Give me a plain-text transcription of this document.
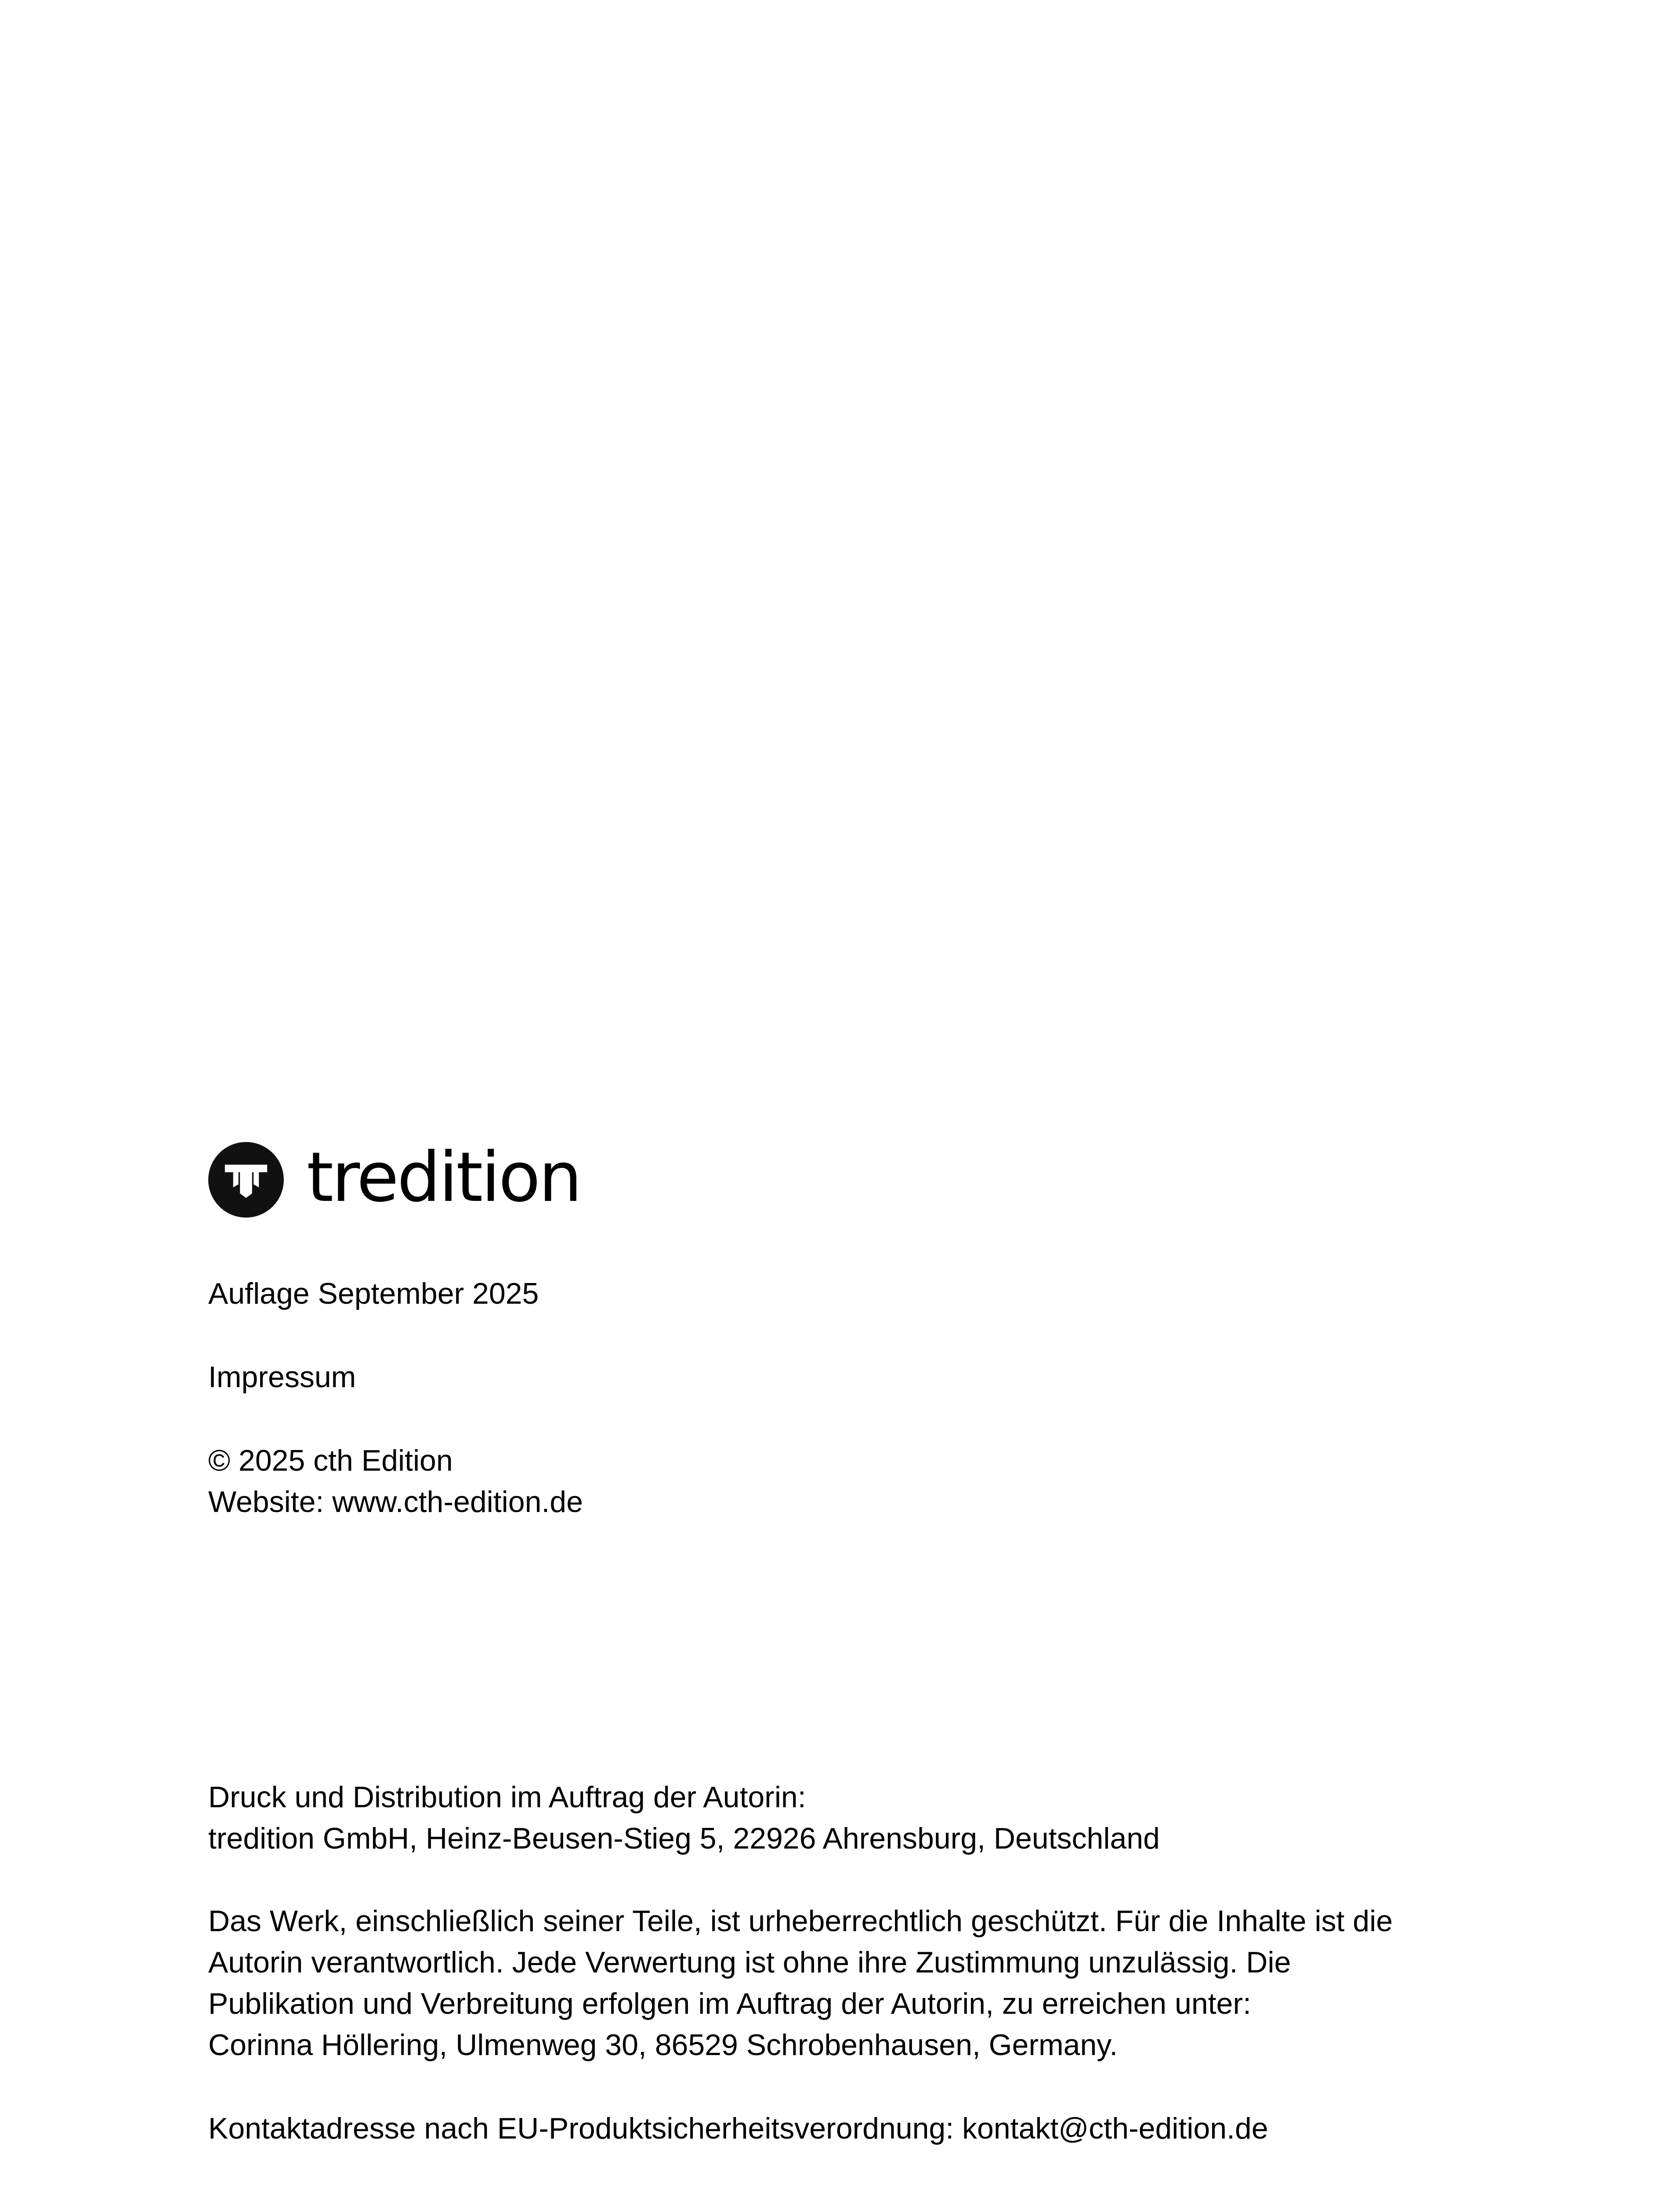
tredition
Auflage September 2025
Impressum
© 2025 cth Edition
Website: www.cth-edition.de
Druck und Distribution im Auftrag der Autorin:
tredition GmbH, Heinz-Beusen-Stieg 5, 22926 Ahrensburg, Deutschland
Das Werk, einschließlich seiner Teile, ist urheberrechtlich geschützt. Für die Inhalte ist die
Autorin verantwortlich. Jede Verwertung ist ohne ihre Zustimmung unzulässig. Die
Publikation und Verbreitung erfolgen im Auftrag der Autorin, zu erreichen unter:
Corinna Höllering, Ulmenweg 30, 86529 Schrobenhausen, Germany.
Kontaktadresse nach EU-Produktsicherheitsverordnung: kontakt@cth-edition.de
